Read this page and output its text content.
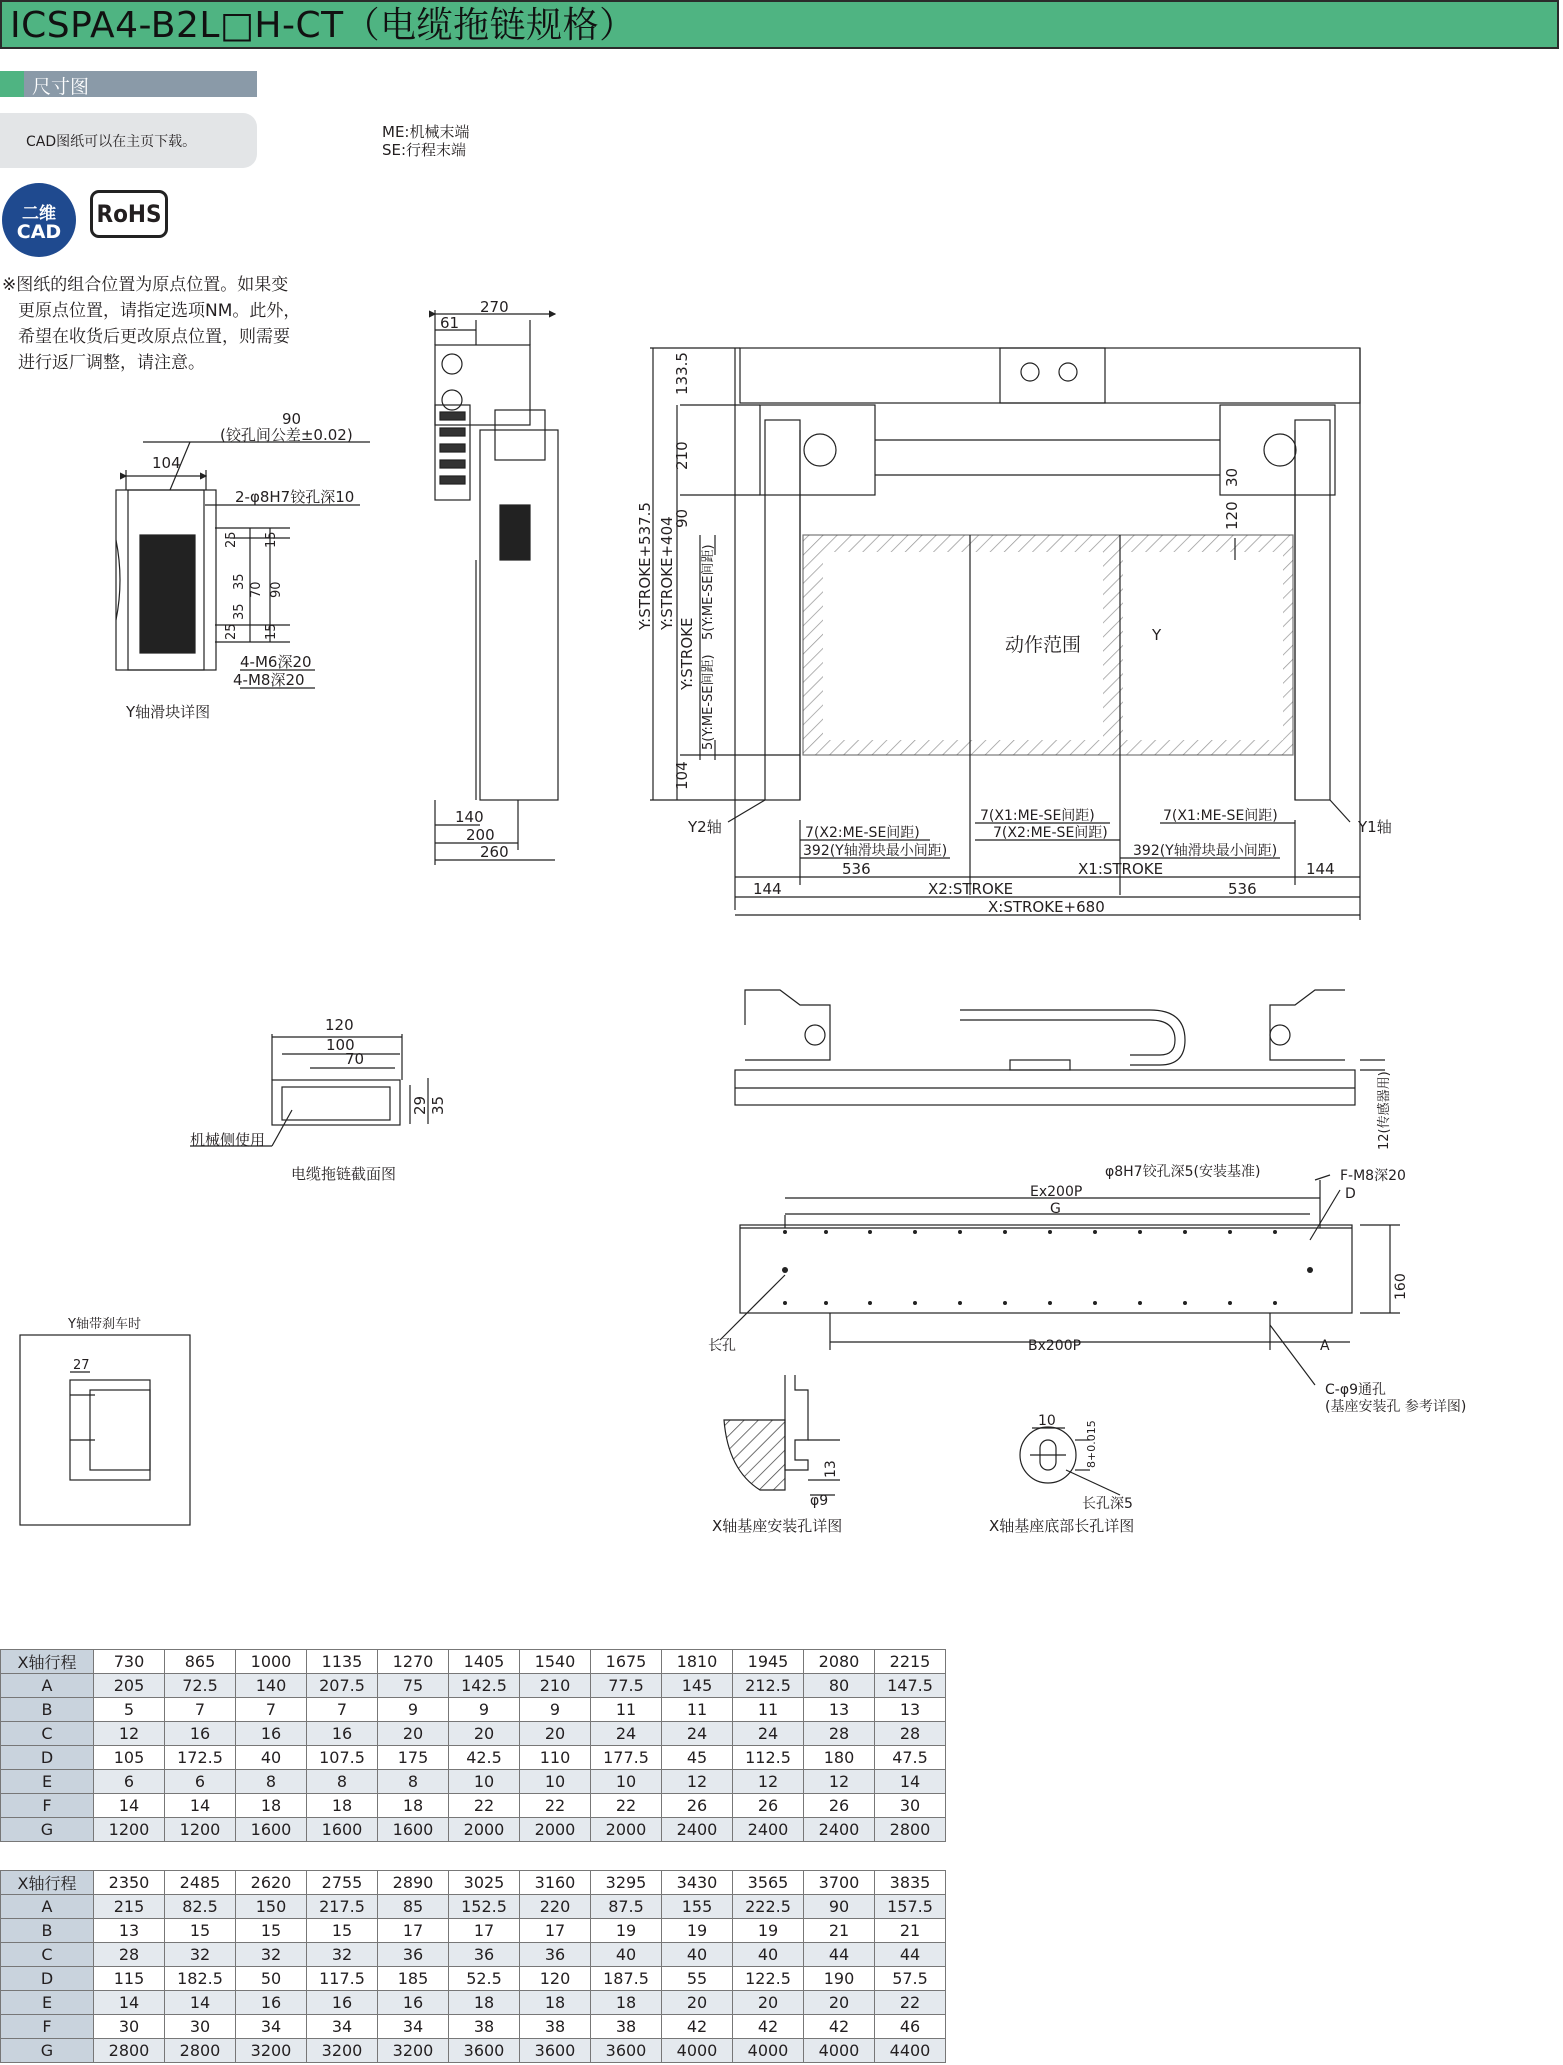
ICSPA4-B2L□H-CT（电缆拖链规格）
尺寸图
CAD图纸可以在主页下载。
ME:机械末端
SE:行程末端
二维
CAD
RoHS
※图纸的组合位置为原点位置。如果变
更原点位置，请指定选项NM。此外，
希望在收货后更改原点位置，则需要
进行返厂调整，请注意。
270
61
140
200
260
90
(铰孔间公差±0.02)
104
2-φ8H7铰孔深10
4-M6深20
4-M8深20
25 15
35 70 90
35
15
25
133.5
210
90
104
Y:STROKE+537.5 Y:STROKE+404
Y:STROKE
5(Y:ME-SE间距)
5(Y:ME-SE间距)
30
120
动作范围	Y
Y2轴	Y1轴
7(X2:ME-SE间距)
7(X1:ME-SE间距)
7(X2:ME-SE间距)
7(X1:ME-SE间距)
392(Y轴滑块最小间距)	392(Y轴滑块最小间距)
536	X1:STROKE	144
144	X2:STROKE	536
X:STROKE+680
120
100
70
29 35
机械侧使用	12(传感器用)
φ8H7铰孔深5(安装基准)	F-M8深20
Ex200P
G
D
160
长孔	Bx200P	A
C-φ9通孔
(基座安装孔 参考详图)
27
13
φ9
10	8+0.015
长孔深5
Y轴滑块详图
电缆拖链截面图
Y轴带刹车时
X轴基座安装孔详图	X轴基座底部长孔详图
X轴行程	730	865	1000	1135	1270	1405	1540	1675	1810	1945	2080	2215
A	205	72.5	140	207.5	75	142.5	210	77.5	145	212.5	80	147.5
B	5	7	7	7	9	9	9	11	11	11	13	13
C	12	16	16	16	20	20	20	24	24	24	28	28
D	105	172.5	40	107.5	175	42.5	110	177.5	45	112.5	180	47.5
E	6	6	8	8	8	10	10	10	12	12	12	14
F	14	14	18	18	18	22	22	22	26	26	26	30
G	1200	1200	1600	1600	1600	2000	2000	2000	2400	2400	2400	2800
X轴行程	2350	2485	2620	2755	2890	3025	3160	3295	3430	3565	3700	3835
A	215	82.5	150	217.5	85	152.5	220	87.5	155	222.5	90	157.5
B	13	15	15	15	17	17	17	19	19	19	21	21
C	28	32	32	32	36	36	36	40	40	40	44	44
D	115	182.5	50	117.5	185	52.5	120	187.5	55	122.5	190	57.5
E	14	14	16	16	16	18	18	18	20	20	20	22
F	30	30	34	34	34	38	38	38	42	42	42	46
G	2800	2800	3200	3200	3200	3600	3600	3600	4000	4000	4000	4400
